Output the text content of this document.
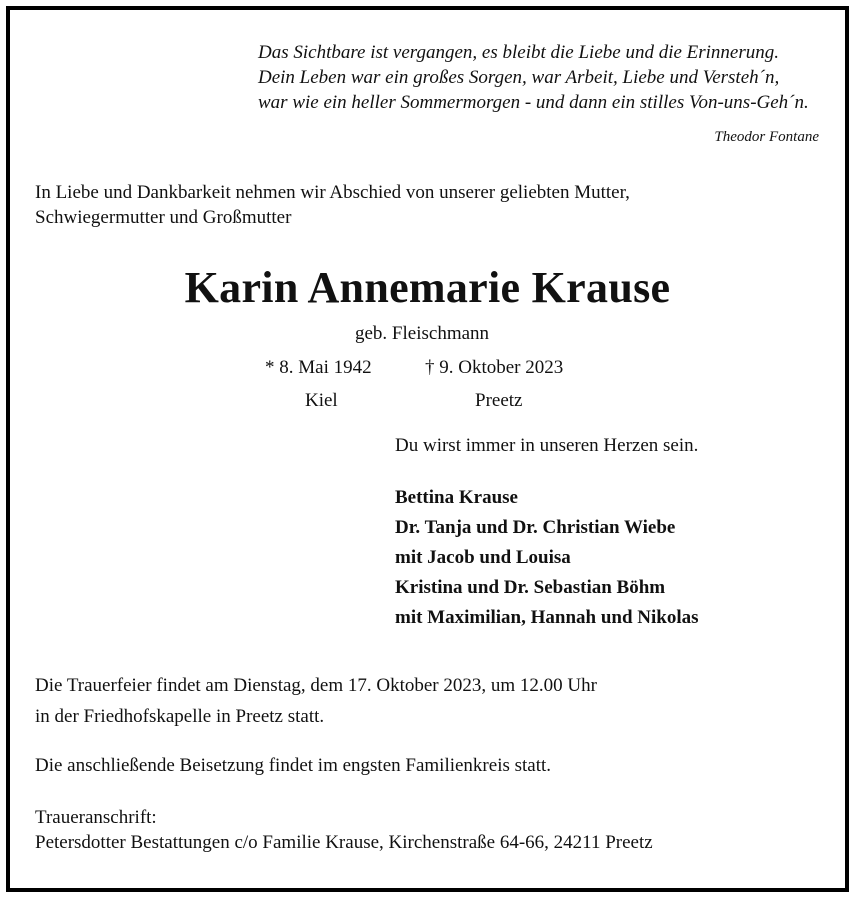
Das Sichtbare ist vergangen, es bleibt die Liebe und die Erinnerung.
Dein Leben war ein großes Sorgen, war Arbeit, Liebe und Versteh´n,
war wie ein heller Sommermorgen - und dann ein stilles Von-uns-Geh´n.
Theodor Fontane
In Liebe und Dankbarkeit nehmen wir Abschied von unserer geliebten Mutter,
Schwiegermutter und Großmutter
Karin Annemarie Krause
geb. Fleischmann
* 8. Mai 1942	† 9. Oktober 2023
Kiel	Preetz
Du wirst immer in unseren Herzen sein.
Bettina Krause
Dr. Tanja und Dr. Christian Wiebe
mit Jacob und Louisa
Kristina und Dr. Sebastian Böhm
mit Maximilian, Hannah und Nikolas
Die Trauerfeier findet am Dienstag, dem 17. Oktober 2023, um 12.00 Uhr
in der Friedhofskapelle in Preetz statt.
Die anschließende Beisetzung findet im engsten Familienkreis statt.
Traueranschrift:
Petersdotter Bestattungen c/o Familie Krause, Kirchenstraße 64-66, 24211 Preetz
